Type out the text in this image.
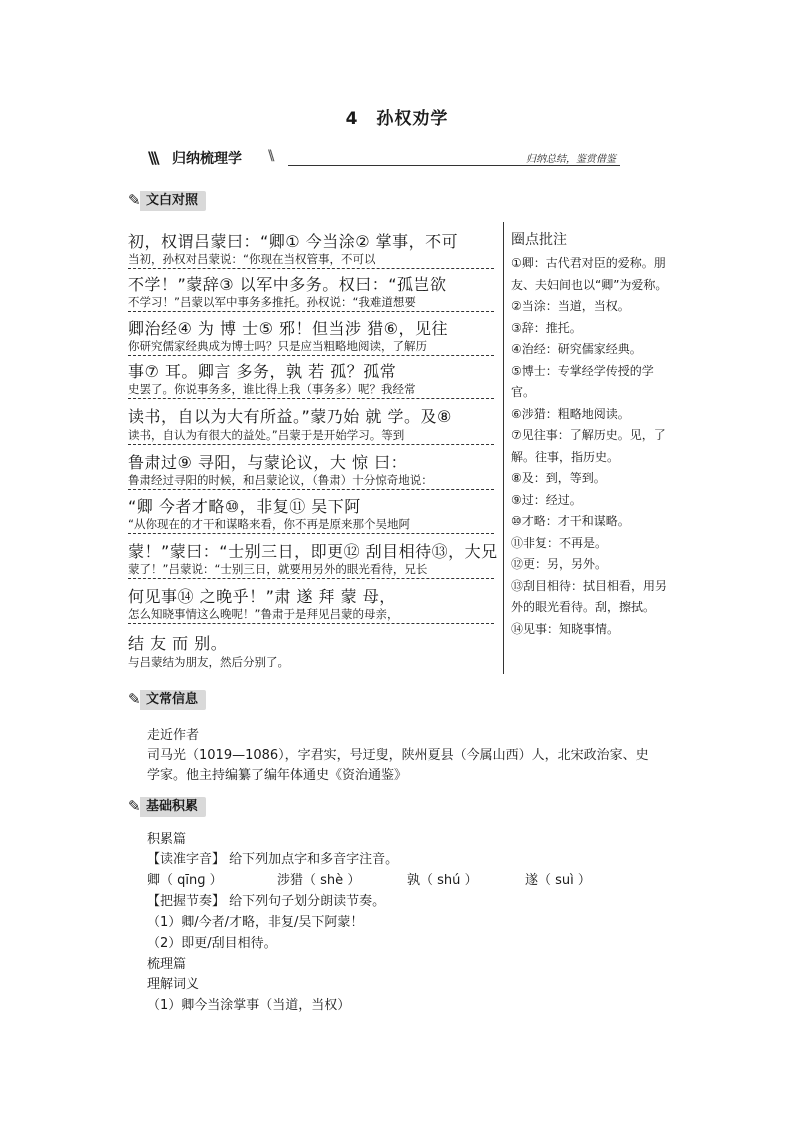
4　孙权劝学
\\\ 归纳梳理学 \\	归纳总结，鉴赏借鉴
✎ 文白对照
初，权谓吕蒙曰：“卿① 今当涂② 掌事，不可
当初，孙权对吕蒙说：“你现在当权管事，不可以
不学！”蒙辞③ 以军中多务。权曰：“孤岂欲
不学习！”吕蒙以军中事务多推托。孙权说：“我难道想要
卿治经④ 为 博 士⑤ 邪！但当涉 猎⑥，见往
你研究儒家经典成为博士吗？只是应当粗略地阅读，了解历
事⑦ 耳。卿言 多务，孰 若 孤？孤常
史罢了。你说事务多，谁比得上我（事务多）呢？我经常
读书，自以为大有所益。”蒙乃始 就 学。及⑧
读书，自认为有很大的益处。”吕蒙于是开始学习。等到
鲁肃过⑨ 寻阳，与蒙论议，大 惊 曰：
鲁肃经过寻阳的时候，和吕蒙论议，（鲁肃）十分惊奇地说：
“卿 今者才略⑩，非复⑪ 吴下阿
“从你现在的才干和谋略来看，你不再是原来那个吴地阿
蒙！”蒙曰：“士别三日，即更⑫ 刮目相待⑬，大兄
蒙了！”吕蒙说：“士别三日，就要用另外的眼光看待，兄长
何见事⑭ 之晚乎！”肃 遂 拜 蒙 母，
怎么知晓事情这么晚呢！”鲁肃于是拜见吕蒙的母亲，
结 友 而 别。
与吕蒙结为朋友，然后分别了。
圈点批注
①卿：古代君对臣的爱称。朋友、夫妇间也以“卿”为爱称。
②当涂：当道，当权。
③辞：推托。
④治经：研究儒家经典。
⑤博士：专掌经学传授的学官。
⑥涉猎：粗略地阅读。
⑦见往事：了解历史。见，了解。往事，指历史。
⑧及：到，等到。
⑨过：经过。
⑩才略：才干和谋略。
⑪非复：不再是。
⑫更：另，另外。
⑬刮目相待：拭目相看，用另外的眼光看待。刮，擦拭。
⑭见事：知晓事情。
✎ 文常信息
走近作者
司马光（1019—1086），字君实，号迂叟，陕州夏县（今属山西）人，北宋政治家、史
学家。他主持编纂了编年体通史《资治通鉴》
✎ 基础积累
积累篇
【读准字音】 给下列加点字和多音字注音。
卿（ qīnɡ ）	涉猎（ shè ）	孰（ shú ）	遂（ suì ）
【把握节奏】 给下列句子划分朗读节奏。
（1）卿/今者/才略，非复/吴下阿蒙！
（2）即更/刮目相待。
梳理篇
理解词义
（1）卿今当涂掌事（当道，当权）
